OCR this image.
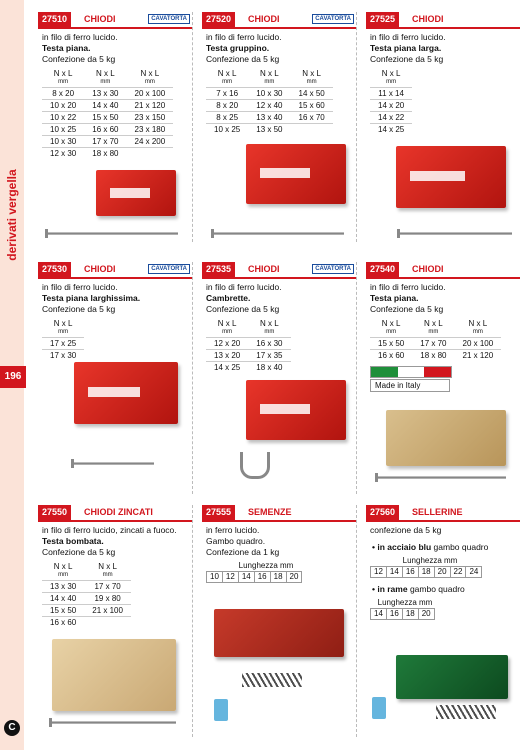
derivati vergella
196
C
27510	CHIODI	CAVATORTA
in filo di ferro lucido.
Testa piana.
Confezione da 5 kg
N x L
mm	N x L
mm	N x L
mm

8 x 20	13 x 30	20 x 100
10 x 20	14 x 40	21 x 120
10 x 22	15 x 50	23 x 150
10 x 25	16 x 60	23 x 180
10 x 30	17 x 70	24 x 200
12 x 30	18 x 80	
27520	CHIODI	CAVATORTA
in filo di ferro lucido.
Testa gruppino.
Confezione da 5 kg
N x L
mm	N x L
mm	N x L
mm

7 x 16	10 x 30	14 x 50
8 x 20	12 x 40	15 x 60
8 x 25	13 x 40	16 x 70
10 x 25	13 x 50	
27525	CHIODI
in filo di ferro lucido.
Testa piana larga.
Confezione da 5 kg
N x L
mm

11 x 14
14 x 20
14 x 22
14 x 25
27530	CHIODI	CAVATORTA
in filo di ferro lucido.
Testa piana larghissima.
Confezione da 5 kg
N x L
mm

17 x 25
17 x 30
27535	CHIODI	CAVATORTA
in filo di ferro lucido.
Cambrette.
Confezione da 5 kg
N x L
mm	N x L
mm

12 x 20	16 x 30
13 x 20	17 x 35
14 x 25	18 x 40
27540	CHIODI
in filo di ferro lucido.
Testa piana.
Confezione da 5 kg
N x L
mm	N x L
mm	N x L
mm

15 x 50	17 x 70	20 x 100
16 x 60	18 x 80	21 x 120
Made in Italy
27550	CHIODI ZINCATI
in filo di ferro lucido, zincati a fuoco.
Testa bombata.
Confezione da 5 kg
N x L
mm	N x L
mm

13 x 30	17 x 70
14 x 40	19 x 80
15 x 50	21 x 100
16 x 60	
27555	SEMENZE
in ferro lucido.
Gambo quadro.
Confezione da 1 kg
Lunghezza mm
10	12	14	16	18	20
27560	SELLERINE
confezione da 5 kg
• in acciaio blu gambo quadro
Lunghezza mm
12	14	16	18	20	22	24
• in rame gambo quadro
Lunghezza mm
14	16	18	20
